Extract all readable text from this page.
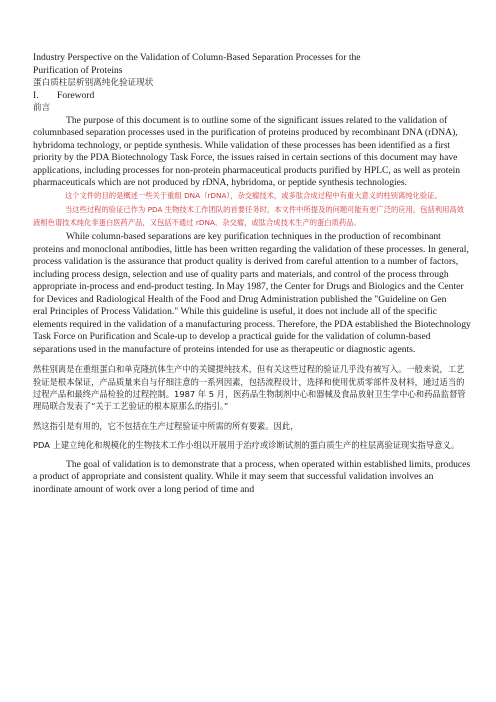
Industry Perspective on the Validation of Column-Based Separation Processes for the
Purification of Proteins
蛋白质柱层析别离纯化验证现状
I. Foreword
前言

The purpose of this document is to outline some of the significant issues related to the validation of columnbased separation processes used in the purification of proteins produced by recombinant DNA (rDNA), hybridoma technology, or peptide synthesis. While validation of these processes has been identified as a first priority by the PDA Biotechnology Task Force, the issues raised in certain sections of this document may have applications, including processes for non-protein pharmaceutical products purified by HPLC, as well as protein pharmaceuticals which are not produced by rDNA, hybridoma, or peptide synthesis technologies.

这个文件的目的是概述一些关于重组 DNA（rDNA），杂交瘤技术，或多肽合成过程中有重大意义的柱别离纯化验证。

当这些过程的验证已作为 PDA 生物技术工作团队的首要任务时，本文件中所提及的问题可能有更广泛的应用，包括利用高效液相色谱技术纯化非蛋白医药产品，又包括不通过 rDNA，杂交瘤，或肽合成技术生产的蛋白质药品。

While column-based separations are key purification techniques in the production of recombinant proteins and monoclonal antibodies, little has been written regarding the validation of these processes. In general, process validation is the assurance that product quality is derived from careful attention to a number of factors, including process design, selection and use of quality parts and materials, and control of the process through appropriate in-process and end-product testing. In May 1987, the Center for Drugs and Biologics and the Center for Devices and Radiological Health of the Food and Drug Administration published the "Guideline on Gen

eral Principles of Process Validation." While this guideline is useful, it does not include all of the specific elements required in the validation of a manufacturing process. Therefore, the PDA established the Biotechnology Task Force on Purification and Scale-up to develop a practical guide for the validation of column-based separations used in the manufacture of proteins intended for use as therapeutic or diagnostic agents.

然柱别离是在重组蛋白和单克隆抗体生产中的关键提纯技术，但有关这些过程的验证几乎没有被写入。一般来说，工艺验证是根本保证，产品质量来自与仔细注意的一系列因素，包括流程设计，选择和使用优质零部件及材料，通过适当的过程产品和最终产品检验的过程控制。1987 年 5 月，医药品生物制剂中心和器械及食品放射卫生学中心和药品监督管理局联合发表了“关于工艺验证的根本原那么的指引。”

然这指引是有用的，它不包括在生产过程验证中所需的所有要素。因此，

PDA 上建立纯化和规模化的生物技术工作小组以开展用于治疗或诊断试剂的蛋白质生产的柱层离验证现实指导意义。

The goal of validation is to demonstrate that a process, when operated within established limits, produces a product of appropriate and consistent quality. While it may seem that successful validation involves an inordinate amount of work over a long period of time and
